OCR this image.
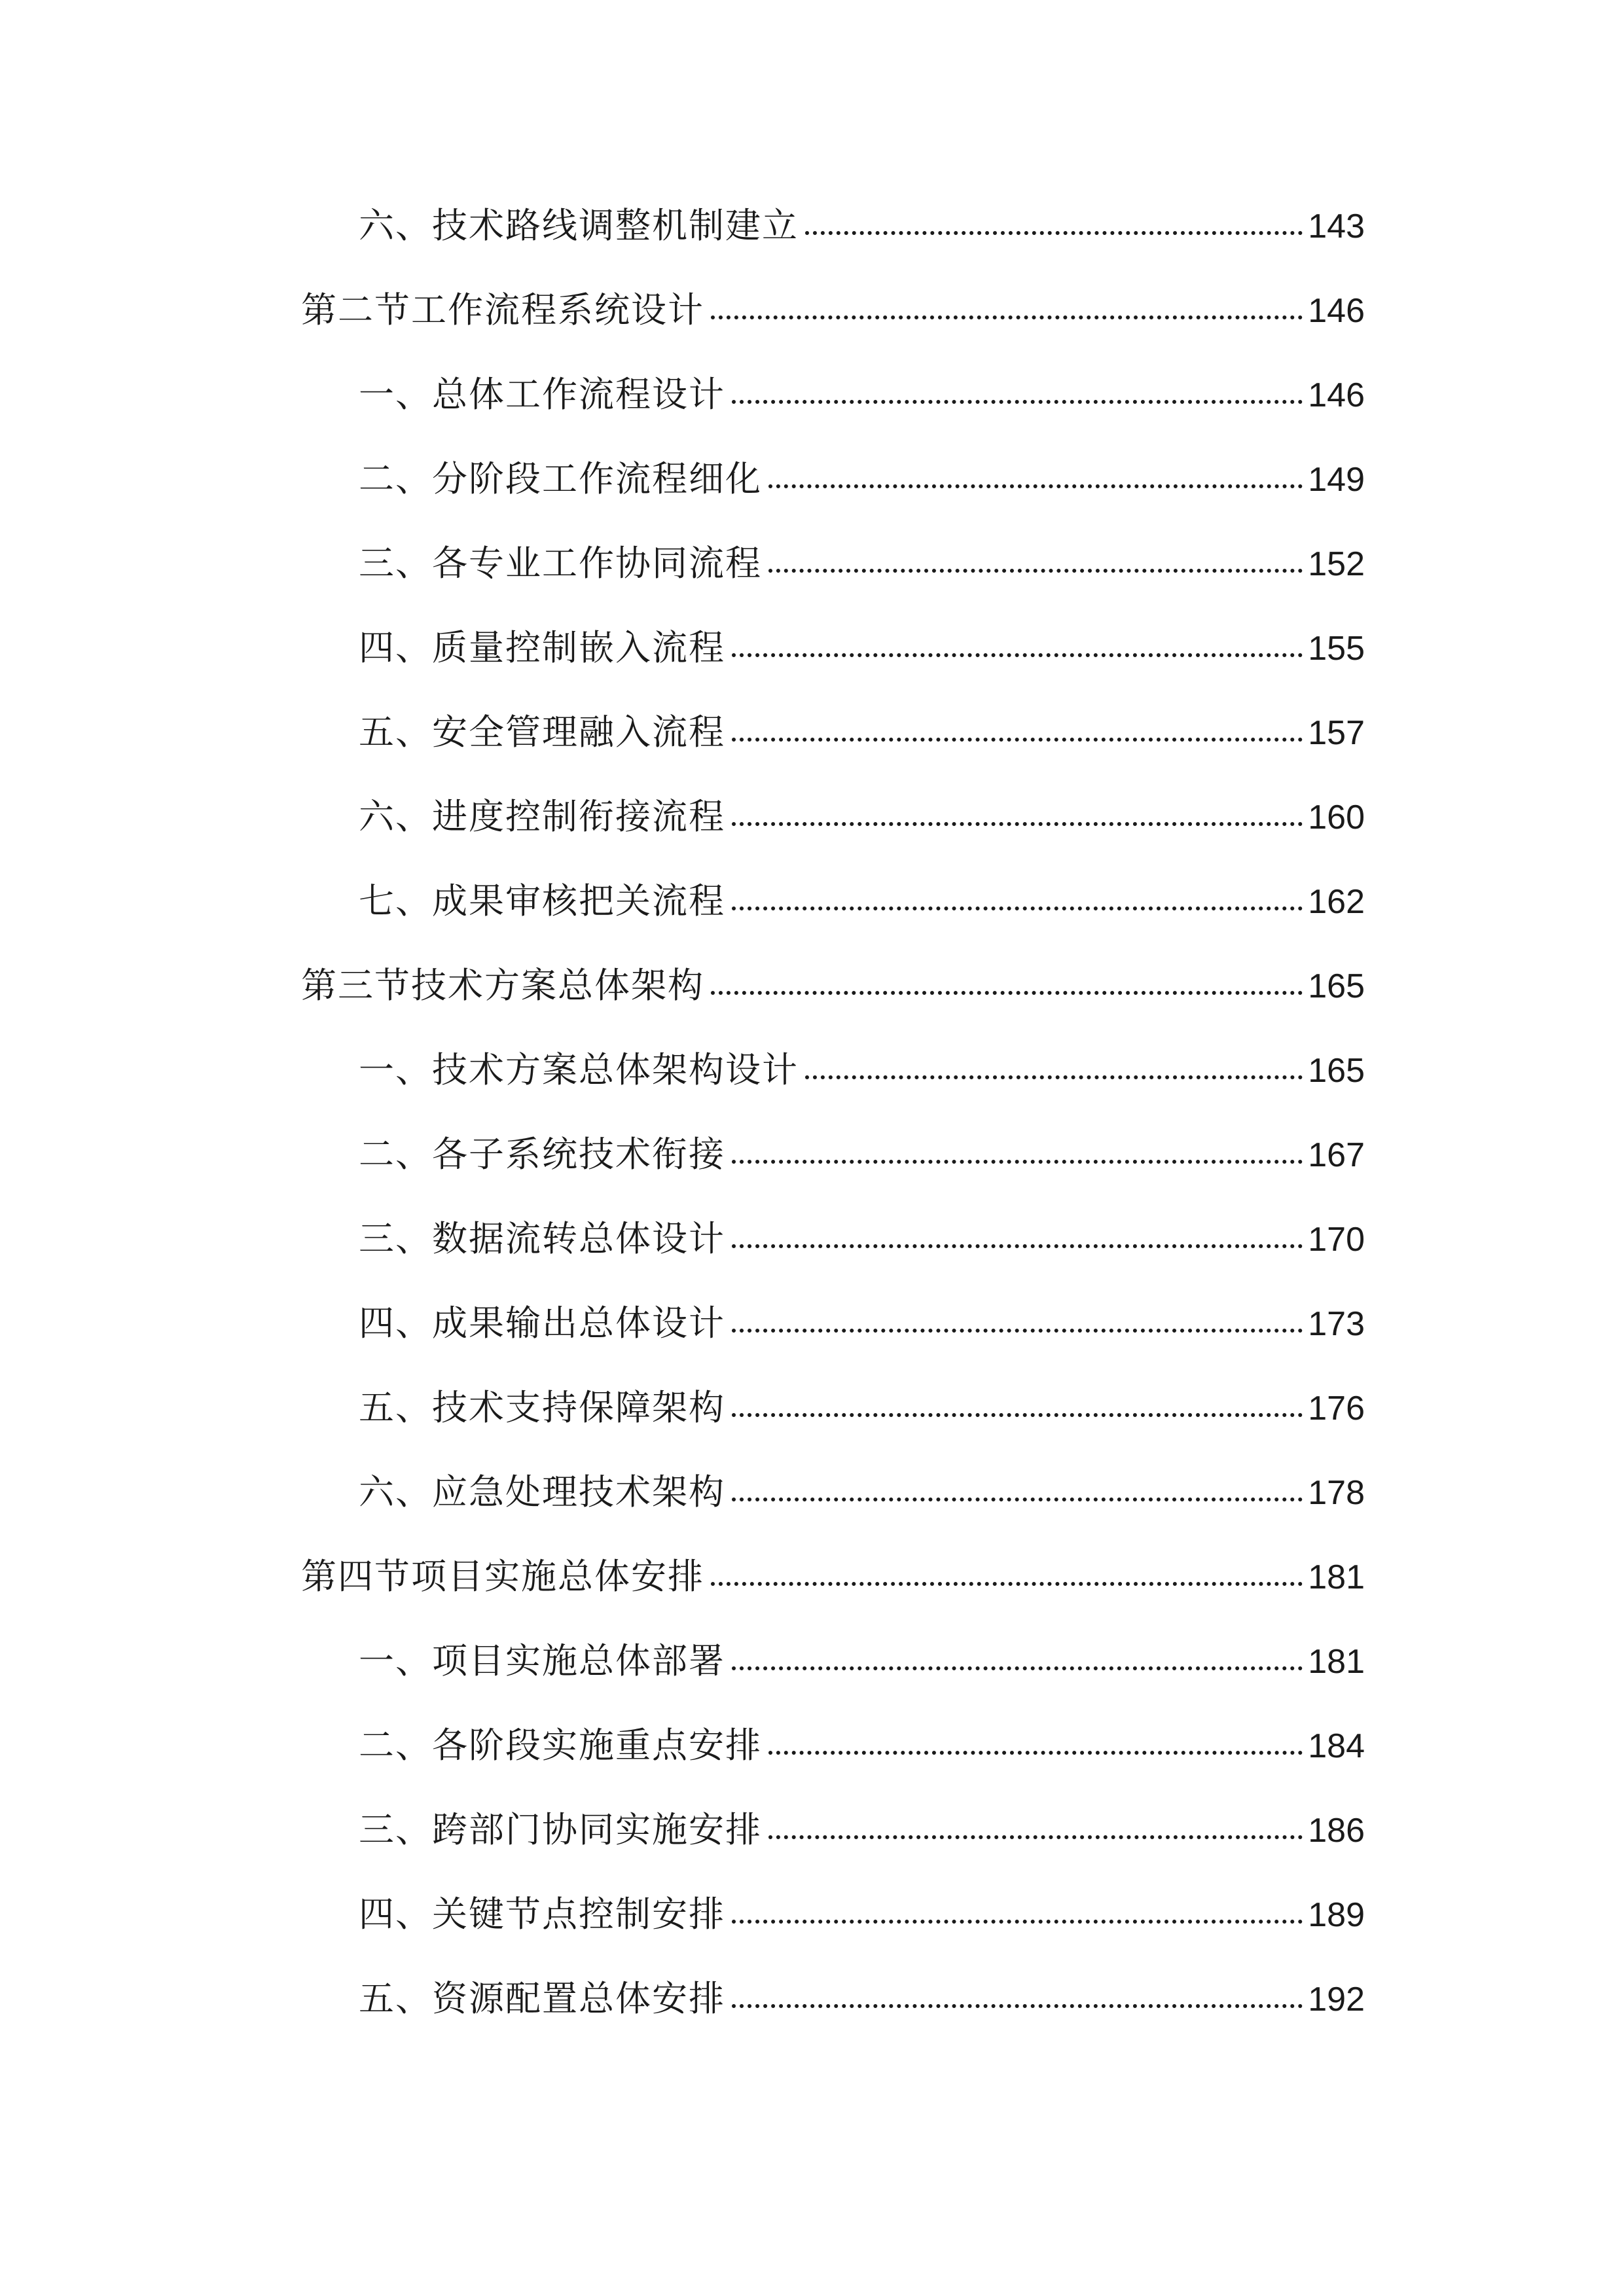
六、技术路线调整机制建立	143
第二节工作流程系统设计	146
一、总体工作流程设计	146
二、分阶段工作流程细化	149
三、各专业工作协同流程	152
四、质量控制嵌入流程	155
五、安全管理融入流程	157
六、进度控制衔接流程	160
七、成果审核把关流程	162
第三节技术方案总体架构	165
一、技术方案总体架构设计	165
二、各子系统技术衔接	167
三、数据流转总体设计	170
四、成果输出总体设计	173
五、技术支持保障架构	176
六、应急处理技术架构	178
第四节项目实施总体安排	181
一、项目实施总体部署	181
二、各阶段实施重点安排	184
三、跨部门协同实施安排	186
四、关键节点控制安排	189
五、资源配置总体安排	192
